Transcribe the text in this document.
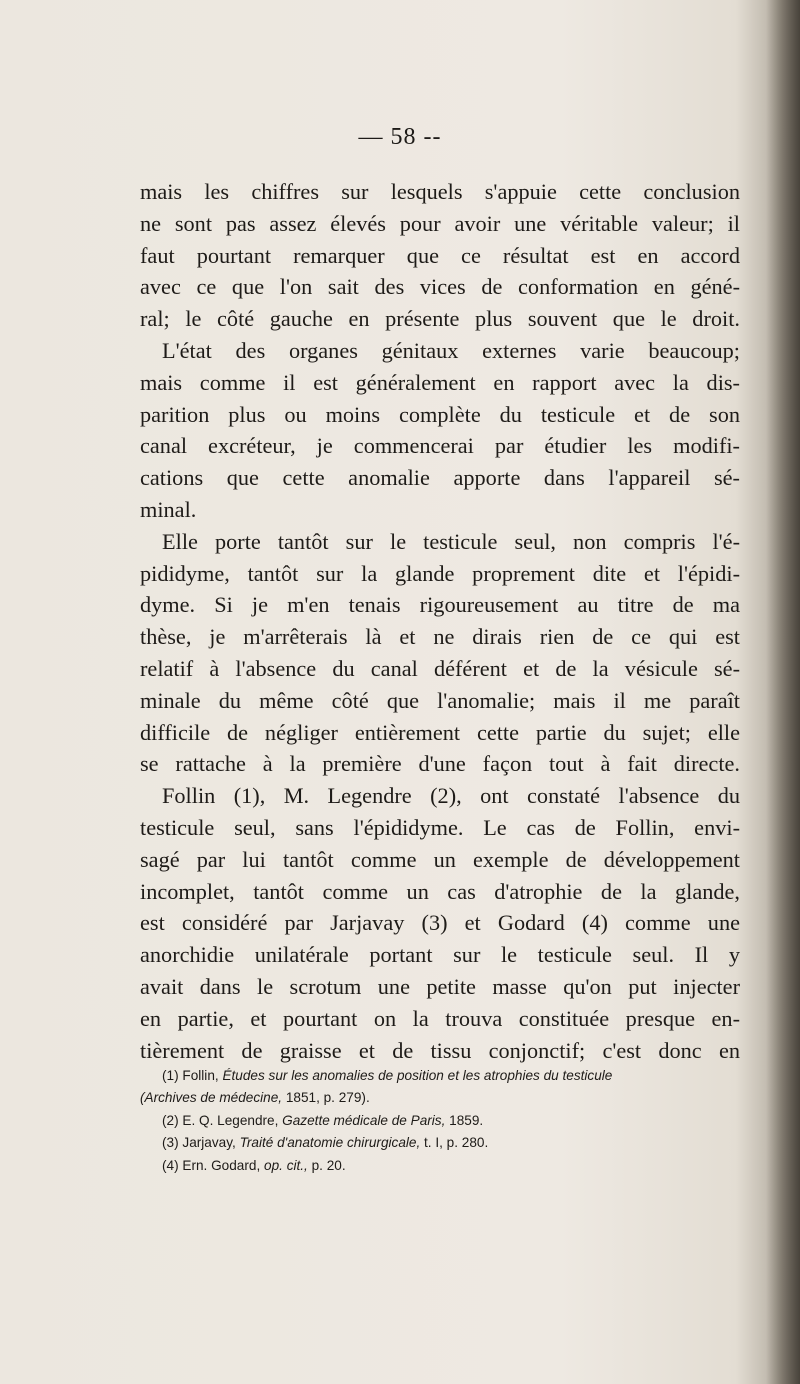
— 58 --
mais les chiffres sur lesquels s'appuie cette conclusion
ne sont pas assez élevés pour avoir une véritable valeur; il
faut pourtant remarquer que ce résultat est en accord
avec ce que l'on sait des vices de conformation en géné-
ral; le côté gauche en présente plus souvent que le droit.
L'état des organes génitaux externes varie beaucoup;
mais comme il est généralement en rapport avec la dis-
parition plus ou moins complète du testicule et de son
canal excréteur, je commencerai par étudier les modifi-
cations que cette anomalie apporte dans l'appareil sé-
minal.
Elle porte tantôt sur le testicule seul, non compris l'é-
pididyme, tantôt sur la glande proprement dite et l'épidi-
dyme. Si je m'en tenais rigoureusement au titre de ma
thèse, je m'arrêterais là et ne dirais rien de ce qui est
relatif à l'absence du canal déférent et de la vésicule sé-
minale du même côté que l'anomalie; mais il me paraît
difficile de négliger entièrement cette partie du sujet; elle
se rattache à la première d'une façon tout à fait directe.
Follin (1), M. Legendre (2), ont constaté l'absence du
testicule seul, sans l'épididyme. Le cas de Follin, envi-
sagé par lui tantôt comme un exemple de développement
incomplet, tantôt comme un cas d'atrophie de la glande,
est considéré par Jarjavay (3) et Godard (4) comme une
anorchidie unilatérale portant sur le testicule seul. Il y
avait dans le scrotum une petite masse qu'on put injecter
en partie, et pourtant on la trouva constituée presque en-
tièrement de graisse et de tissu conjonctif; c'est donc en
(1) Follin, Études sur les anomalies de position et les atrophies du testicule
(Archives de médecine, 1851, p. 279).
(2) E. Q. Legendre, Gazette médicale de Paris, 1859.
(3) Jarjavay, Traité d'anatomie chirurgicale, t. I, p. 280.
(4) Ern. Godard, op. cit., p. 20.
